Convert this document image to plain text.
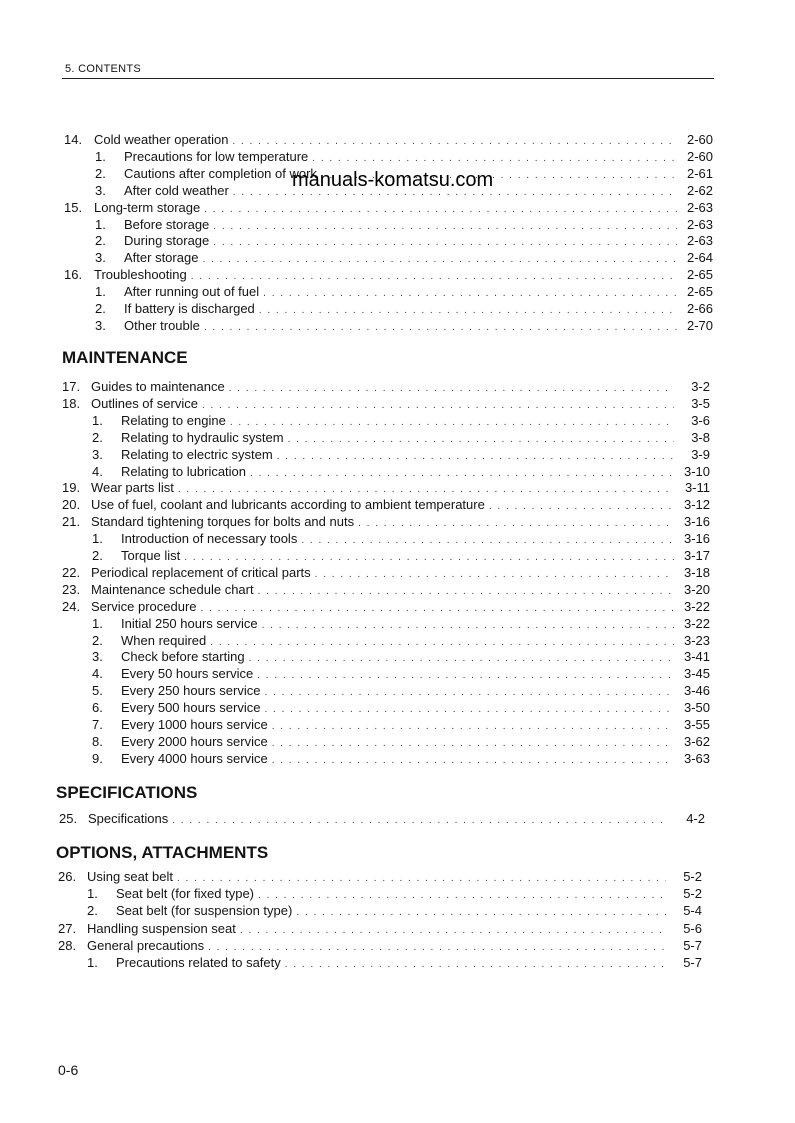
5. CONTENTS
14. Cold weather operation . . .	2-60
1. Precautions for low temperature . . .	2-60
2. Cautions after completion of work . . .	2-61
3. After cold weather . . .	2-62
15. Long-term storage . . .	2-63
1. Before storage . . .	2-63
2. During storage . . .	2-63
3. After storage . . .	2-64
16. Troubleshooting . . .	2-65
1. After running out of fuel . . .	2-65
2. If battery is discharged . . .	2-66
3. Other trouble . . .	2-70
MAINTENANCE
17. Guides to maintenance . . .	3-2
18. Outlines of service . . .	3-5
1. Relating to engine . . .	3-6
2. Relating to hydraulic system . . .	3-8
3. Relating to electric system . . .	3-9
4. Relating to lubrication . . .	3-10
19. Wear parts list . . .	3-11
20. Use of fuel, coolant and lubricants according to ambient temperature . . .	3-12
21. Standard tightening torques for bolts and nuts . . .	3-16
1. Introduction of necessary tools . . .	3-16
2. Torque list . . .	3-17
22. Periodical replacement of critical parts . . .	3-18
23. Maintenance schedule chart . . .	3-20
24. Service procedure . . .	3-22
1. Initial 250 hours service . . .	3-22
2. When required . . .	3-23
3. Check before starting . . .	3-41
4. Every 50 hours service . . .	3-45
5. Every 250 hours service . . .	3-46
6. Every 500 hours service . . .	3-50
7. Every 1000 hours service . . .	3-55
8. Every 2000 hours service . . .	3-62
9. Every 4000 hours service . . .	3-63
SPECIFICATIONS
25. Specifications . . .	4-2
OPTIONS, ATTACHMENTS
26. Using seat belt . . .	5-2
1. Seat belt (for fixed type) . . .	5-2
2. Seat belt (for suspension type) . . .	5-4
27. Handling suspension seat . . .	5-6
28. General precautions . . .	5-7
1. Precautions related to safety . . .	5-7
manuals-komatsu.com
0-6
